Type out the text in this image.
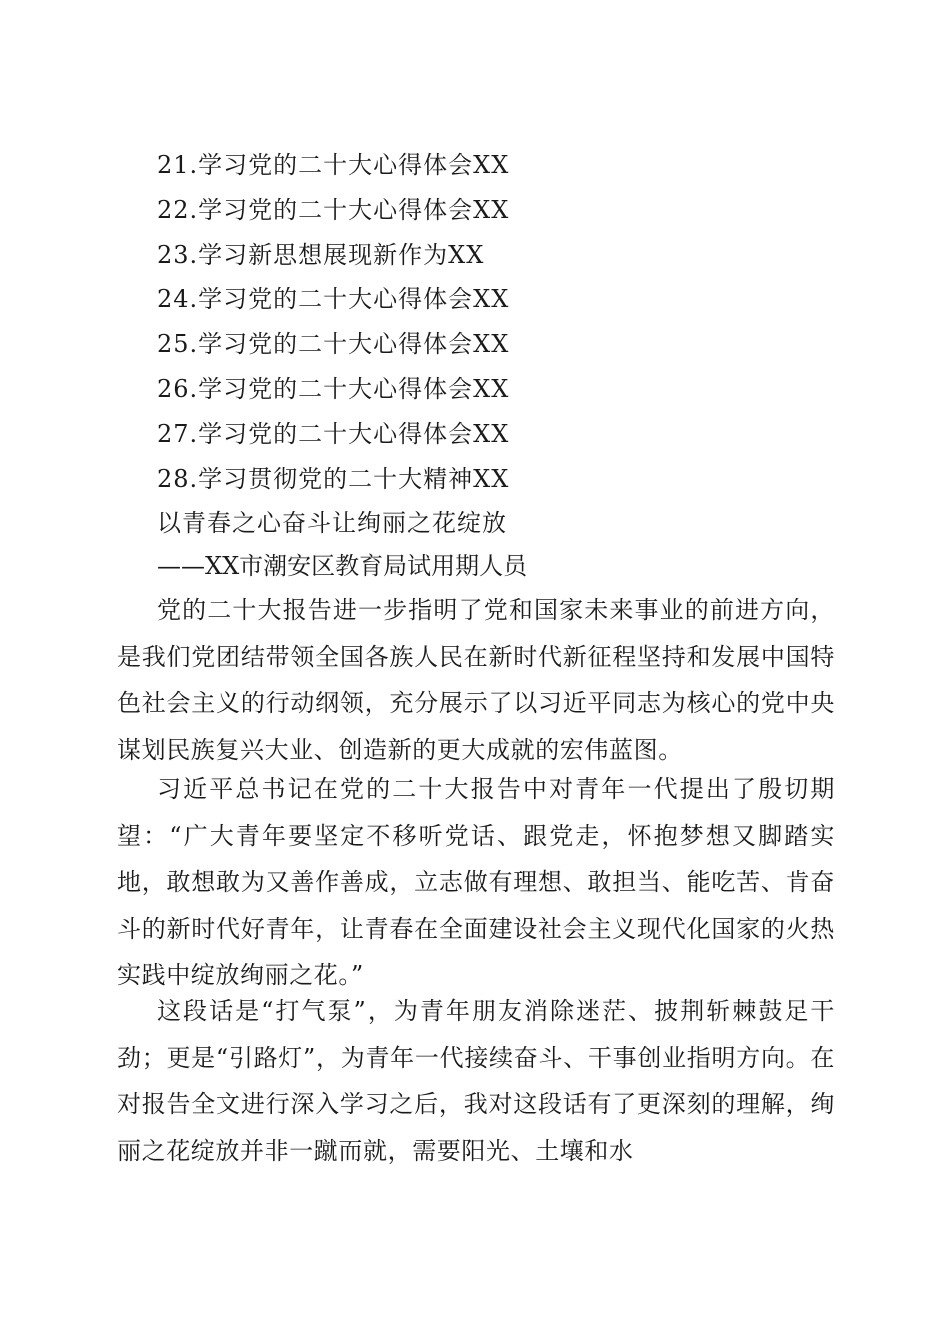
21.学习党的二十大心得体会XX
22.学习党的二十大心得体会XX
23.学习新思想展现新作为XX
24.学习党的二十大心得体会XX
25.学习党的二十大心得体会XX
26.学习党的二十大心得体会XX
27.学习党的二十大心得体会XX
28.学习贯彻党的二十大精神XX
以青春之心奋斗让绚丽之花绽放
——XX市潮安区教育局试用期人员

党的二十大报告进一步指明了党和国家未来事业的前进方向，是我们党团结带领全国各族人民在新时代新征程坚持和发展中国特色社会主义的行动纲领，充分展示了以习近平同志为核心的党中央谋划民族复兴大业、创造新的更大成就的宏伟蓝图。

习近平总书记在党的二十大报告中对青年一代提出了殷切期望：“广大青年要坚定不移听党话、跟党走，怀抱梦想又脚踏实地，敢想敢为又善作善成，立志做有理想、敢担当、能吃苦、肯奋斗的新时代好青年，让青春在全面建设社会主义现代化国家的火热实践中绽放绚丽之花。”

这段话是“打气泵”，为青年朋友消除迷茫、披荆斩棘鼓足干劲；更是“引路灯”，为青年一代接续奋斗、干事创业指明方向。在对报告全文进行深入学习之后，我对这段话有了更深刻的理解，绚丽之花绽放并非一蹴而就，需要阳光、土壤和水
